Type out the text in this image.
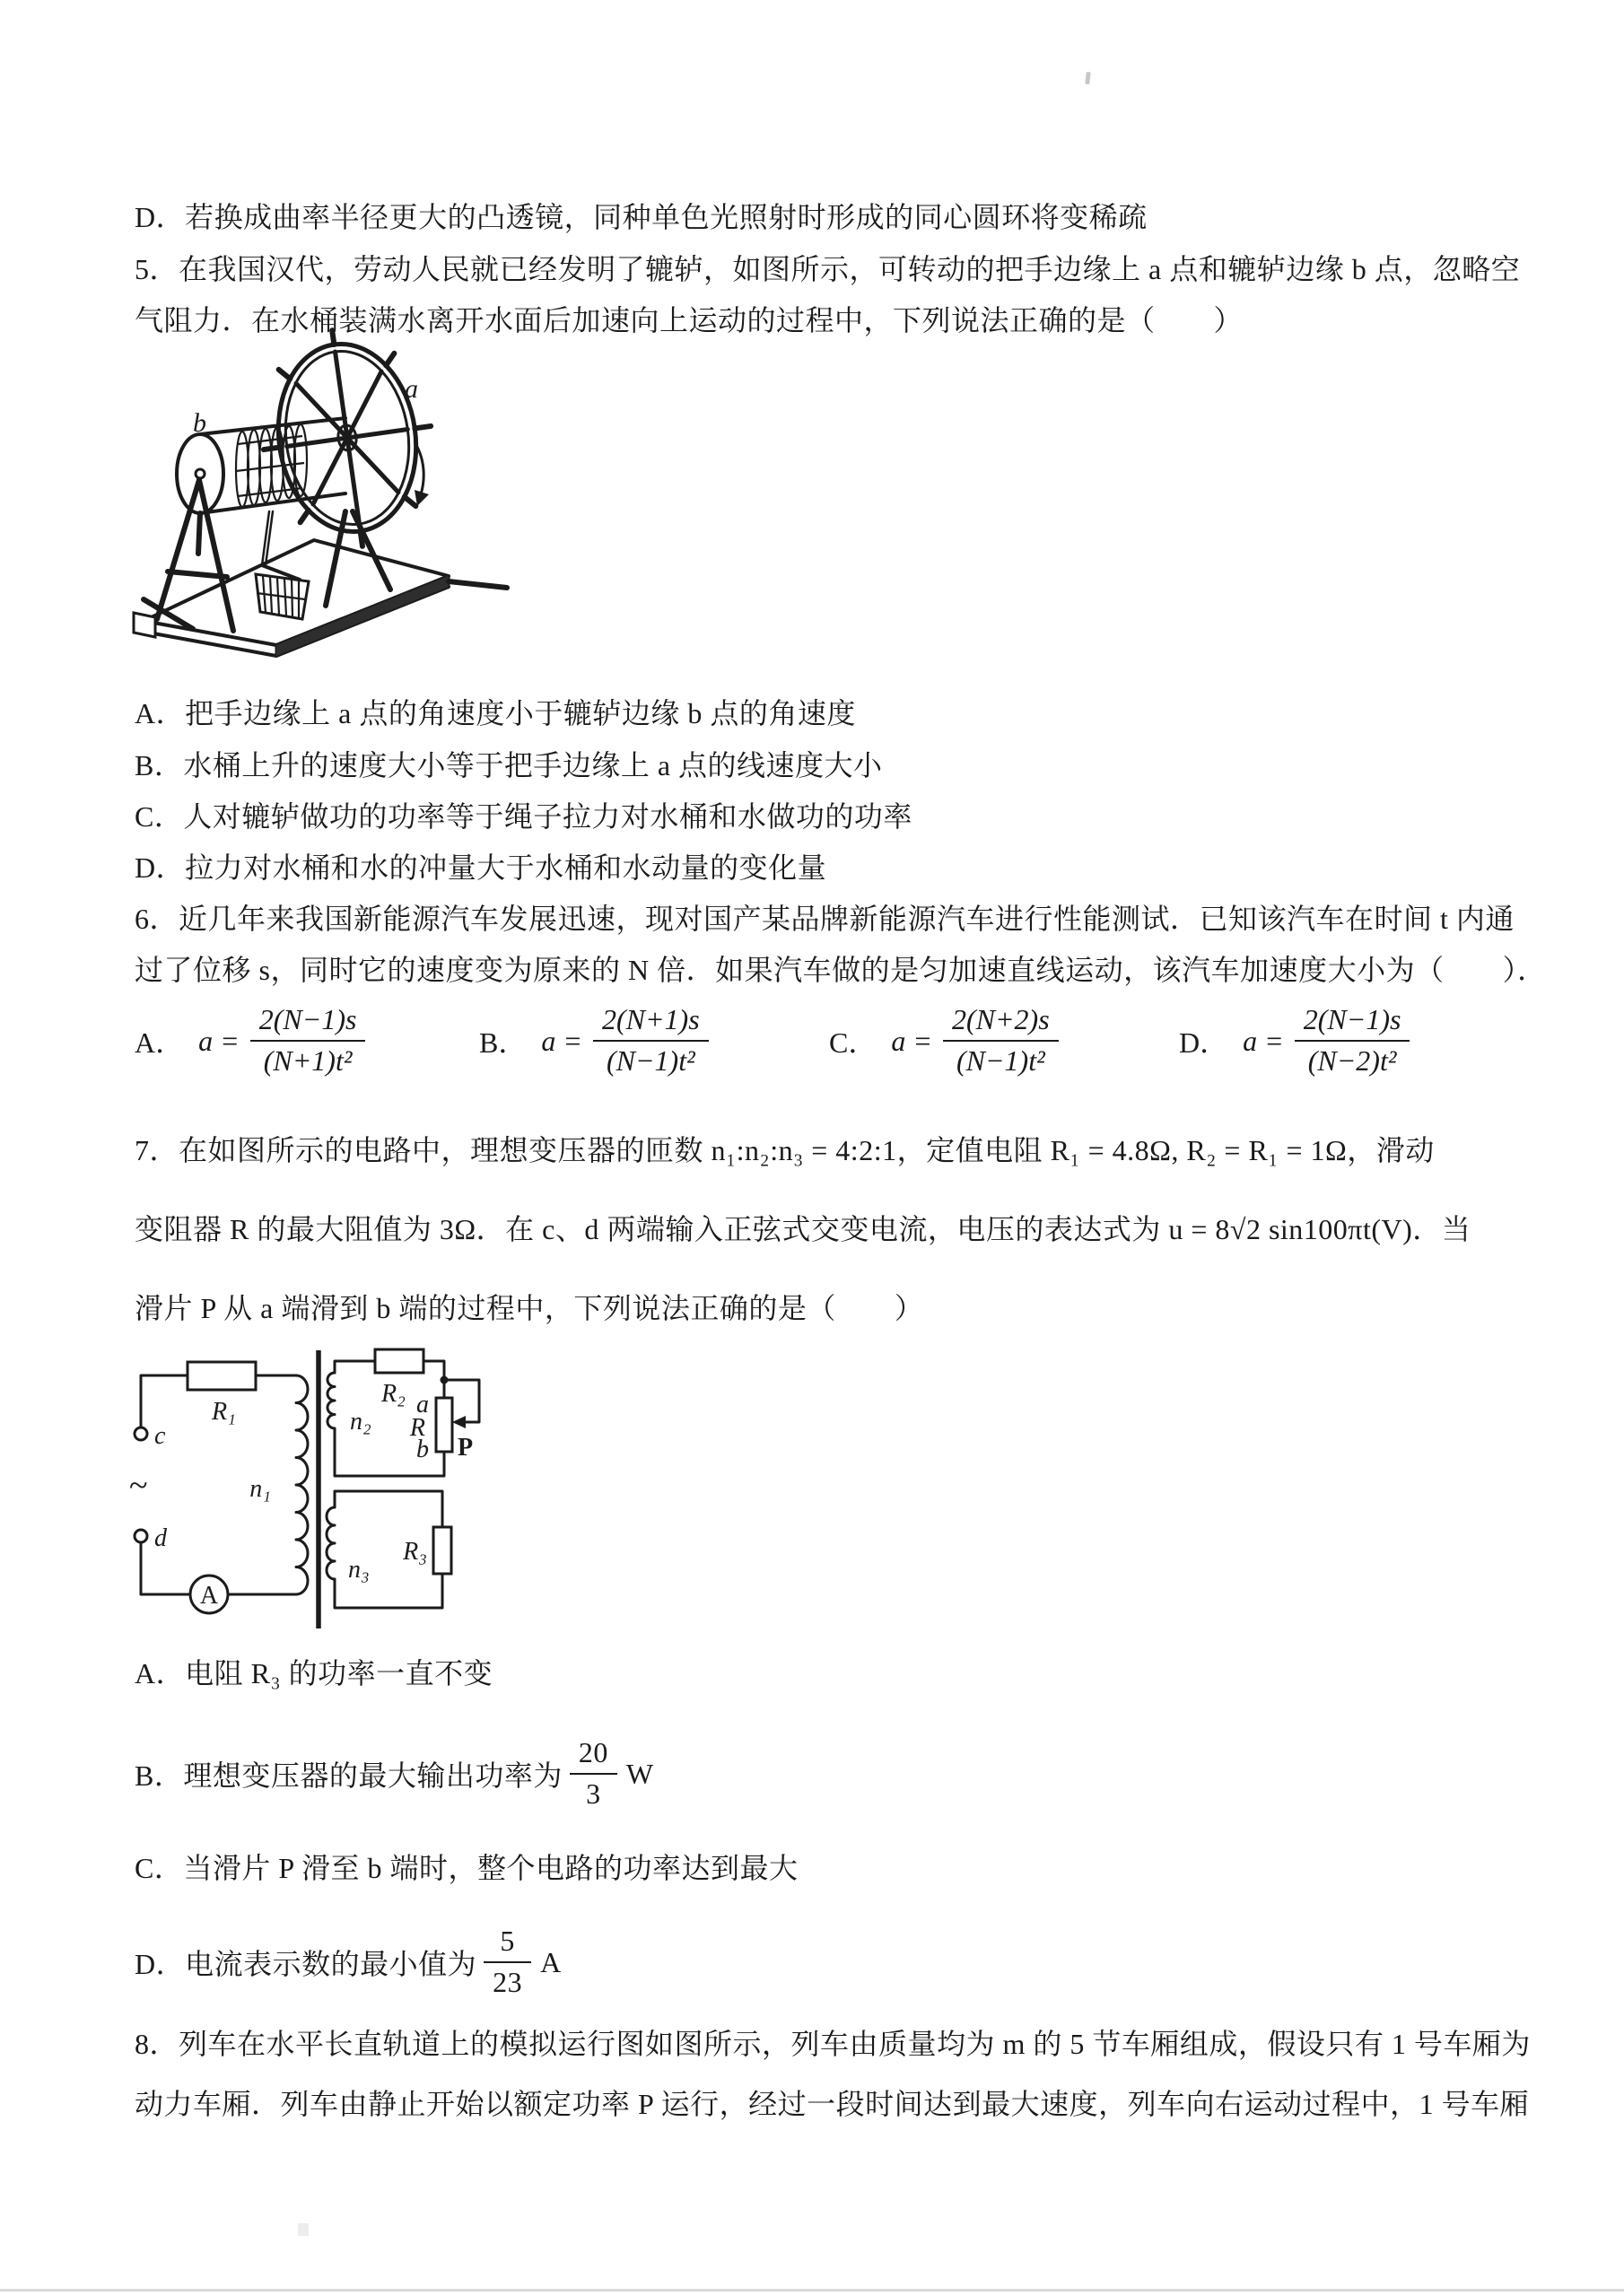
D．若换成曲率半径更大的凸透镜，同种单色光照射时形成的同心圆环将变稀疏
5．在我国汉代，劳动人民就已经发明了辘轳，如图所示，可转动的把手边缘上 a 点和辘轳边缘 b 点，忽略空
气阻力．在水桶装满水离开水面后加速向上运动的过程中，下列说法正确的是（　　）
a
b
A．把手边缘上 a 点的角速度小于辘轳边缘 b 点的角速度
B．水桶上升的速度大小等于把手边缘上 a 点的线速度大小
C．人对辘轳做功的功率等于绳子拉力对水桶和水做功的功率
D．拉力对水桶和水的冲量大于水桶和水动量的变化量
6．近几年来我国新能源汽车发展迅速，现对国产某品牌新能源汽车进行性能测试．已知该汽车在时间 t 内通
过了位移 s，同时它的速度变为原来的 N 倍．如果汽车做的是匀加速直线运动，该汽车加速度大小为（　　）．
A． $a = \frac{2(N-1)s}{\text{(N+1)t²}}$	B． $a = \frac{2(N+1)s}{\text{(N−1)t²}}$	C． $a = \frac{2(N+2)s}{\text{(N−1)t²}}$	D． $a = \frac{2(N-1)s}{\text{(N−2)t²}}$
7．在如图所示的电路中，理想变压器的匝数 n₁:n₂:n₃ = 4:2:1，定值电阻 R₁ = 4.8Ω, R₂ = R₁ = 1Ω，滑动
变阻器 R 的最大阻值为 3Ω．在 c、d 两端输入正弦式交变电流，电压的表达式为 u = 8√2 sin100πt(V)．当
滑片 P 从 a 端滑到 b 端的过程中，下列说法正确的是（　　）
c
~
d
R₁
n₁
A
R₂
n₂
a
R
b P
n₃
R₃
A．电阻 R₃ 的功率一直不变
B． 理想变压器的最大输出功率为 $\frac{20}{3}$ W
C．当滑片 P 滑至 b 端时，整个电路的功率达到最大
D． 电流表示数的最小值为 $\frac{5}{23}$ A
8．列车在水平长直轨道上的模拟运行图如图所示，列车由质量均为 m 的 5 节车厢组成，假设只有 1 号车厢为
动力车厢．列车由静止开始以额定功率 P 运行，经过一段时间达到最大速度，列车向右运动过程中，1 号车厢
